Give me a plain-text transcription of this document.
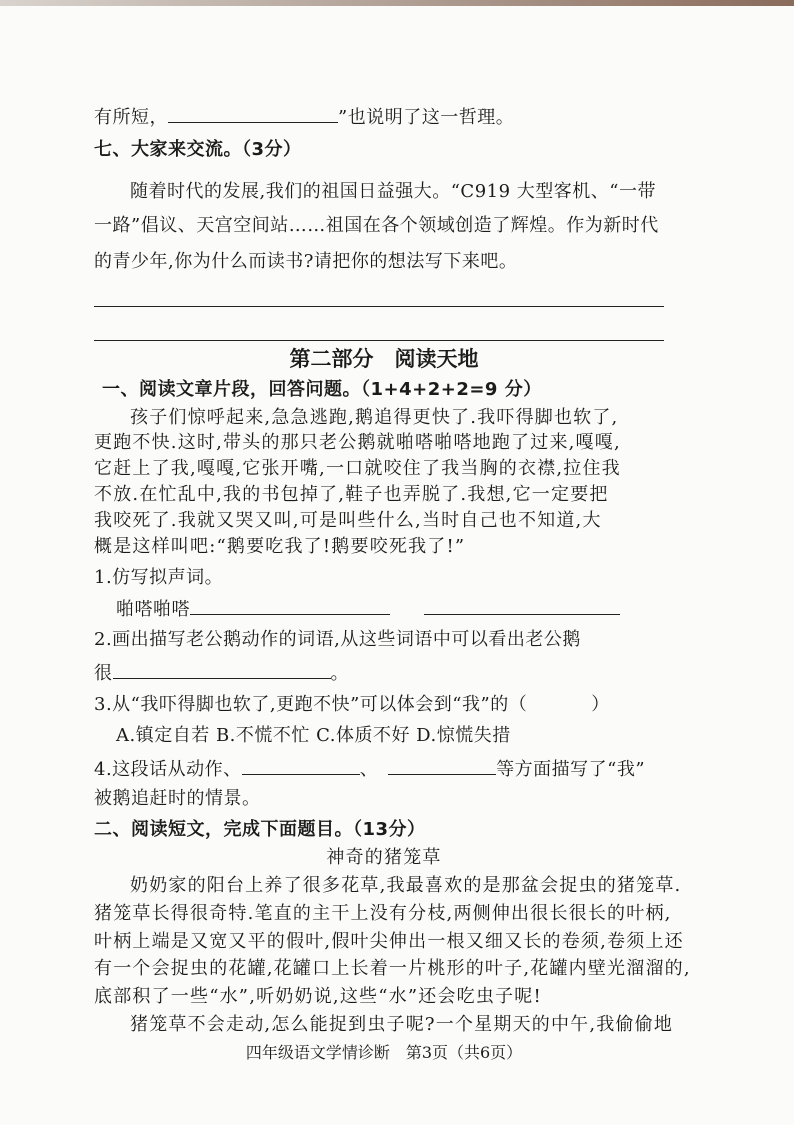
有所短，	”也说明了这一哲理。
七、大家来交流。（3分）
随着时代的发展,我们的祖国日益强大。“C919 大型客机、“一带
一路”倡议、天宫空间站……祖国在各个领域创造了辉煌。作为新时代
的青少年,你为什么而读书?请把你的想法写下来吧。
第二部分　阅读天地
一、阅读文章片段，回答问题。（1+4+2+2=9 分）
孩子们惊呼起来,急急逃跑,鹅追得更快了.我吓得脚也软了,
更跑不快.这时,带头的那只老公鹅就啪嗒啪嗒地跑了过来,嘎嘎,
它赶上了我,嘎嘎,它张开嘴,一口就咬住了我当胸的衣襟,拉住我
不放.在忙乱中,我的书包掉了,鞋子也弄脱了.我想,它一定要把
我咬死了.我就又哭又叫,可是叫些什么,当时自己也不知道,大
概是这样叫吧:“鹅要吃我了!鹅要咬死我了!”
1.仿写拟声词。
啪嗒啪嗒
2.画出描写老公鹅动作的词语,从这些词语中可以看出老公鹅
很	。
3.从“我吓得脚也软了,更跑不快”可以体会到“我”的（	）
A.镇定自若 B.不慌不忙 C.体质不好 D.惊慌失措
4.这段话从动作、	、	等方面描写了“我”
被鹅追赶时的情景。
二、阅读短文，完成下面题目。（13分）
神奇的猪笼草
奶奶家的阳台上养了很多花草,我最喜欢的是那盆会捉虫的猪笼草.
猪笼草长得很奇特.笔直的主干上没有分枝,两侧伸出很长很长的叶柄,
叶柄上端是又宽又平的假叶,假叶尖伸出一根又细又长的卷须,卷须上还
有一个会捉虫的花罐,花罐口上长着一片桃形的叶子,花罐内壁光溜溜的,
底部积了一些“水”,听奶奶说,这些“水”还会吃虫子呢!
猪笼草不会走动,怎么能捉到虫子呢?一个星期天的中午,我偷偷地
四年级语文学情诊断　第3页（共6页）
